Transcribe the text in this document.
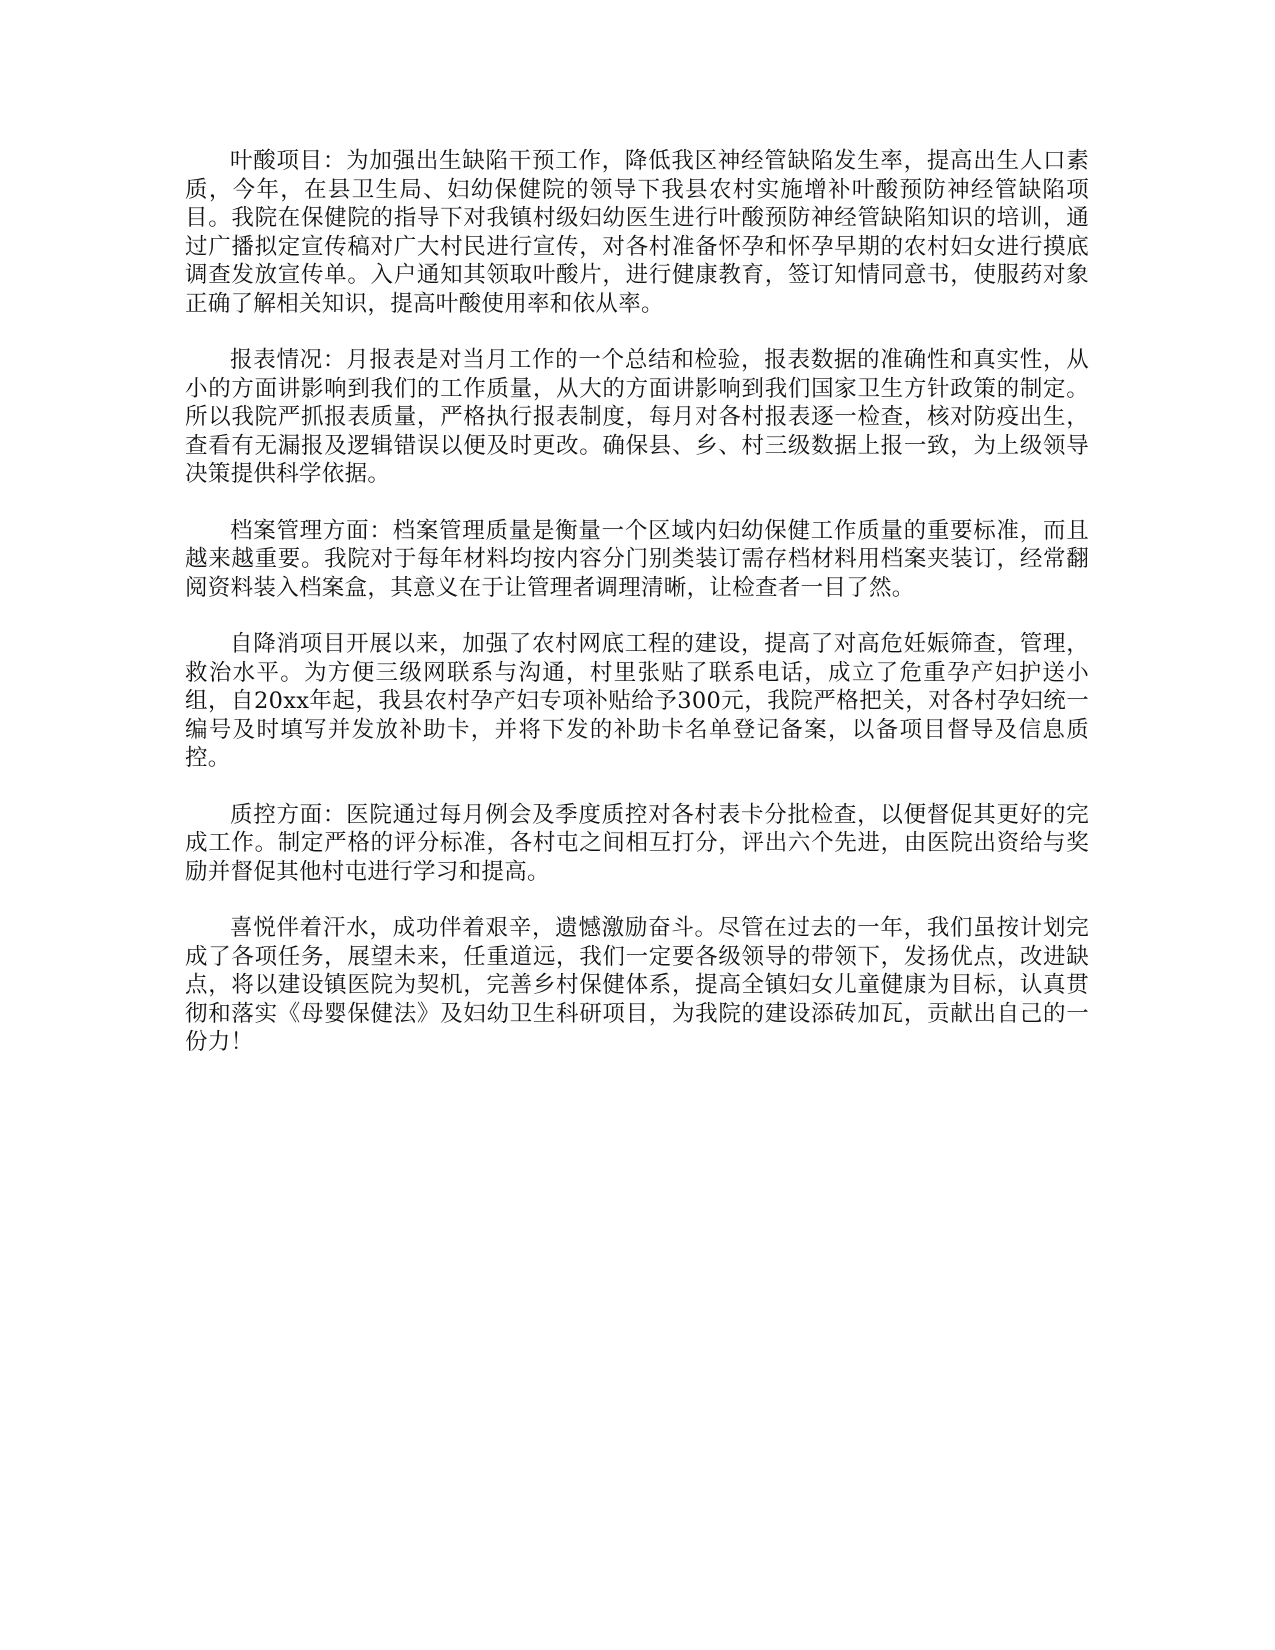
叶酸项目：为加强出生缺陷干预工作，降低我区神经管缺陷发生率，提高出生人口素质，今年，在县卫生局、妇幼保健院的领导下我县农村实施增补叶酸预防神经管缺陷项目。我院在保健院的指导下对我镇村级妇幼医生进行叶酸预防神经管缺陷知识的培训，通过广播拟定宣传稿对广大村民进行宣传，对各村准备怀孕和怀孕早期的农村妇女进行摸底调查发放宣传单。入户通知其领取叶酸片，进行健康教育，签订知情同意书，使服药对象正确了解相关知识，提高叶酸使用率和依从率。

报表情况：月报表是对当月工作的一个总结和检验，报表数据的准确性和真实性，从小的方面讲影响到我们的工作质量，从大的方面讲影响到我们国家卫生方针政策的制定。所以我院严抓报表质量，严格执行报表制度，每月对各村报表逐一检查，核对防疫出生，查看有无漏报及逻辑错误以便及时更改。确保县、乡、村三级数据上报一致，为上级领导决策提供科学依据。

档案管理方面：档案管理质量是衡量一个区域内妇幼保健工作质量的重要标准，而且越来越重要。我院对于每年材料均按内容分门别类装订需存档材料用档案夹装订，经常翻阅资料装入档案盒，其意义在于让管理者调理清晰，让检查者一目了然。

自降消项目开展以来，加强了农村网底工程的建设，提高了对高危妊娠筛查，管理，救治水平。为方便三级网联系与沟通，村里张贴了联系电话，成立了危重孕产妇护送小组，自20xx年起，我县农村孕产妇专项补贴给予300元，我院严格把关，对各村孕妇统一编号及时填写并发放补助卡，并将下发的补助卡名单登记备案，以备项目督导及信息质控。

质控方面：医院通过每月例会及季度质控对各村表卡分批检查，以便督促其更好的完成工作。制定严格的评分标准，各村屯之间相互打分，评出六个先进，由医院出资给与奖励并督促其他村屯进行学习和提高。

喜悦伴着汗水，成功伴着艰辛，遗憾激励奋斗。尽管在过去的一年，我们虽按计划完成了各项任务，展望未来，任重道远，我们一定要各级领导的带领下，发扬优点，改进缺点，将以建设镇医院为契机，完善乡村保健体系，提高全镇妇女儿童健康为目标，认真贯彻和落实《母婴保健法》及妇幼卫生科研项目，为我院的建设添砖加瓦，贡献出自己的一份力！
